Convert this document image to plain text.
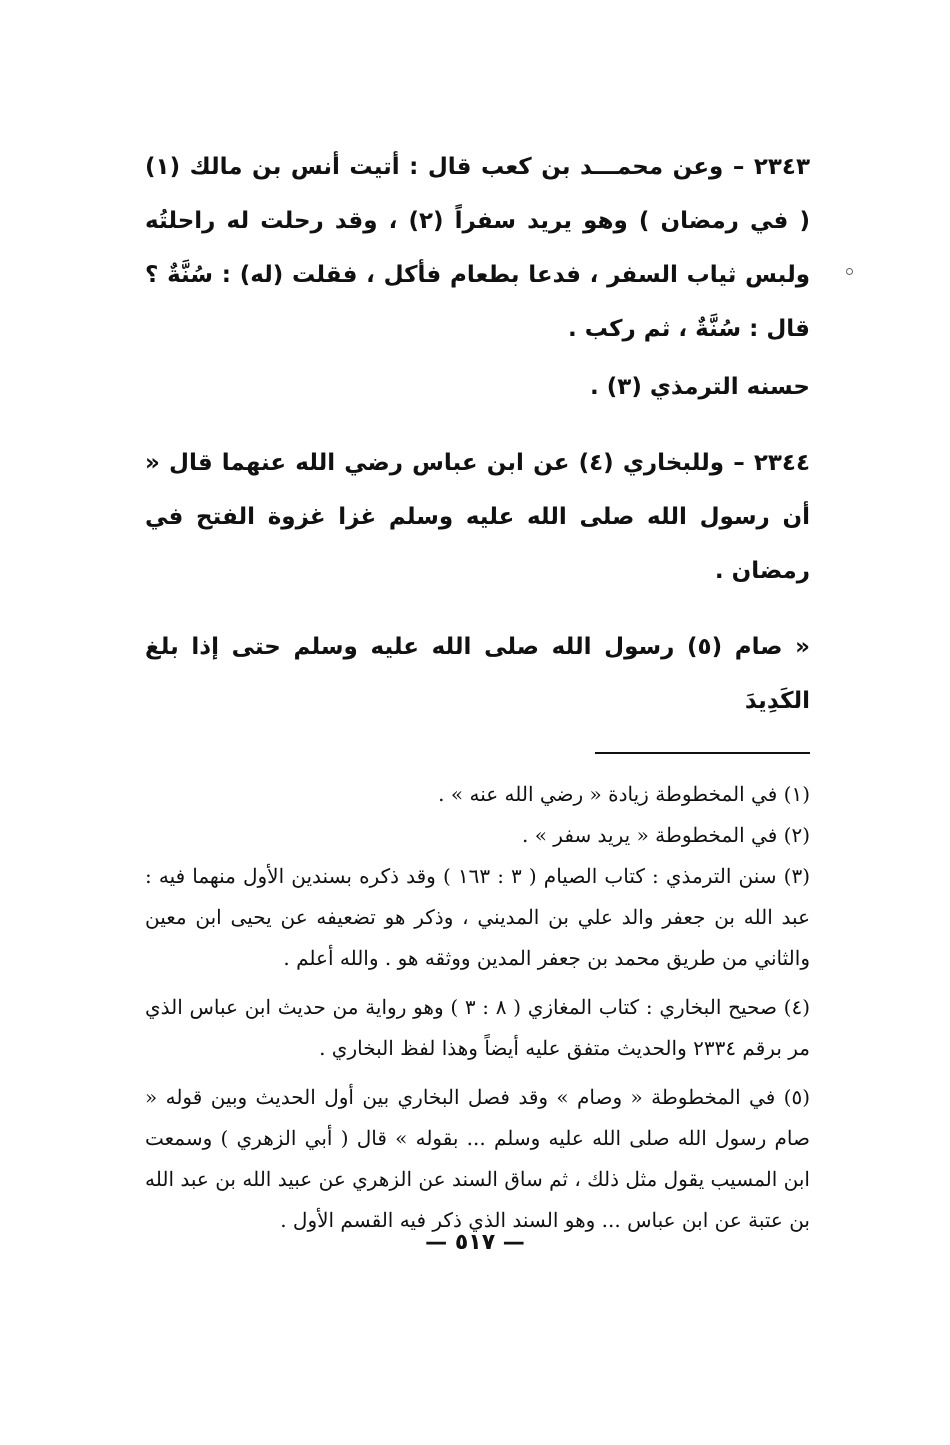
٢٣٤٣ – وعن محمـــد بن كعب قال : أتيت أنس بن مالك (١) ( في رمضان ) وهو يريد سفراً (٢) ، وقد رحلت له راحلتُه ولبس ثياب السفر ، فدعا بطعام فأكل ، فقلت (له) : سُنَّةٌ ؟ قال : سُنَّةٌ ، ثم ركب .

حسنه الترمذي (٣) .

٢٣٤٤ – وللبخاري (٤) عن ابن عباس رضي الله عنهما قال « أن رسول الله صلى الله عليه وسلم غزا غزوة الفتح في رمضان .

« صام (٥) رسول الله صلى الله عليه وسلم حتى إذا بلغ الكَدِيدَ

(١) في المخطوطة زيادة « رضي الله عنه » .

(٢) في المخطوطة « يريد سفر » .

(٣) سنن الترمذي : كتاب الصيام ( ٣ : ١٦٣ ) وقد ذكره بسندين الأول منهما فيه : عبد الله بن جعفر والد علي بن المديني ، وذكر هو تضعيفه عن يحيى ابن معين والثاني من طريق محمد بن جعفر المدين ووثقه هو . والله أعلم .

(٤) صحيح البخاري : كتاب المغازي ( ٨ : ٣ ) وهو رواية من حديث ابن عباس الذي مر برقم ٢٣٣٤ والحديث متفق عليه أيضاً وهذا لفظ البخاري .

(٥) في المخطوطة « وصام » وقد فصل البخاري بين أول الحديث وبين قوله « صام رسول الله صلى الله عليه وسلم ... بقوله » قال ( أبي الزهري ) وسمعت ابن المسيب يقول مثل ذلك ، ثم ساق السند عن الزهري عن عبيد الله بن عبد الله بن عتبة عن ابن عباس ... وهو السند الذي ذكر فيه القسم الأول .

— ٥١٧ —
